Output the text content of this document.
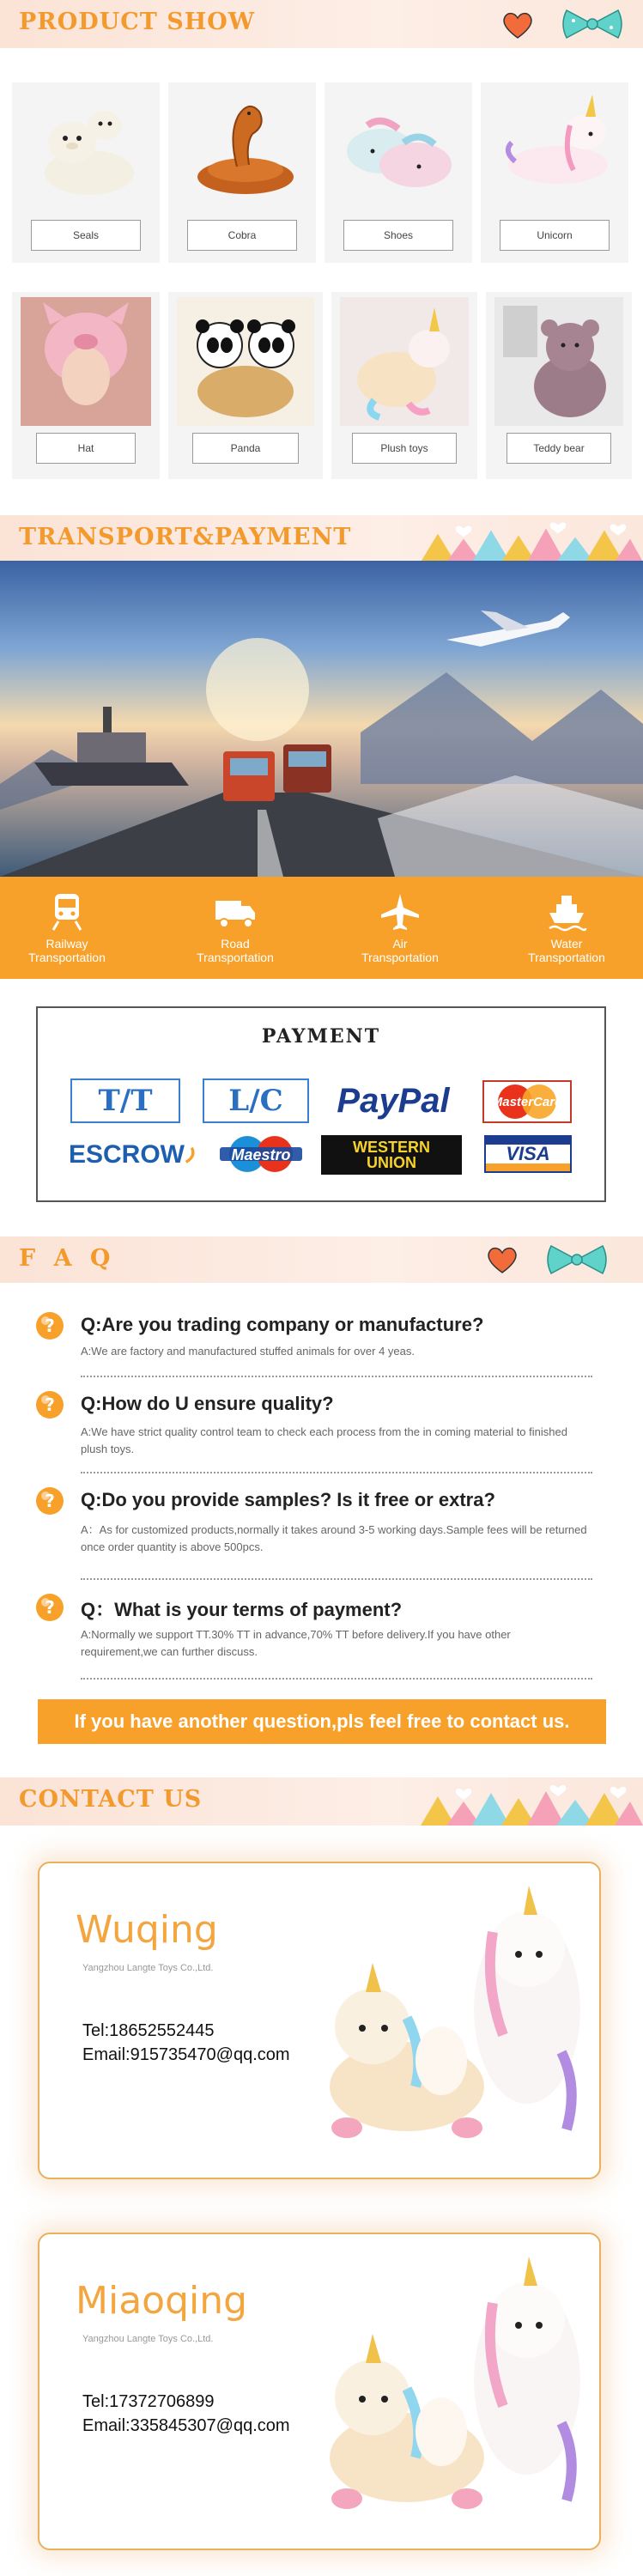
PRODUCT SHOW
Seals	Cobra	Shoes	Unicorn
Hat	Panda	Plush toys	Teddy bear
TRANSPORT&PAYMENT
Railway
Transportation
Road
Transportation
Air
Transportation
Water
Transportation
PAYMENT
T/T	L/C PayPal	MasterCard
ESCROW	Maestro	WESTERN UNION	VISA
F A Q
? Q:Are you trading company or manufacture?
A:We are factory and manufactured stuffed animals for over 4 yeas.
? Q:How do U ensure quality?
A:We have strict quality control team to check each process from the in coming material to finished plush toys.
? Q:Do you provide samples? Is it free or extra?
A：As for customized products,normally it takes around 3-5 working days.Sample fees will be returned once order quantity is above 500pcs.
? Q：What is your terms of payment?
A:Normally we support TT.30% TT in advance,70% TT before delivery.If you have other requirement,we can further discuss.
If you have another question,pls feel free to contact us.
CONTACT US
Wuqing
Yangzhou Langte Toys Co.,Ltd.
Tel:18652552445
Email:915735470@qq.com
Miaoqing
Yangzhou Langte Toys Co.,Ltd.
Tel:17372706899
Email:335845307@qq.com
